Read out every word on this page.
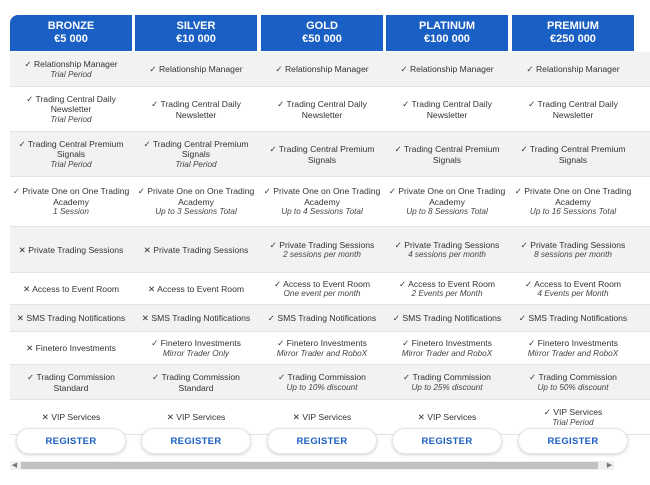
BRONZE
€5 000
✓ Relationship Manager
Trial Period
✓ Trading Central Daily Newsletter
Trial Period
✓ Trading Central Premium Signals
Trial Period
✓ Private One on One Trading Academy
1 Session
✕ Private Trading Sessions
✕ Access to Event Room
✕ SMS Trading Notifications
✕ Finetero Investments
✓ Trading Commission Standard
✕ VIP Services
REGISTER
SILVER
€10 000
✓ Relationship Manager
✓ Trading Central Daily Newsletter
✓ Trading Central Premium Signals
Trial Period
✓ Private One on One Trading Academy
Up to 3 Sessions Total
✕ Private Trading Sessions
✕ Access to Event Room
✕ SMS Trading Notifications
✓ Finetero Investments
Mirror Trader Only
✓ Trading Commission Standard
✕ VIP Services
REGISTER
GOLD
€50 000
✓ Relationship Manager
✓ Trading Central Daily Newsletter
✓ Trading Central Premium Signals
✓ Private One on One Trading Academy
Up to 4 Sessions Total
✓ Private Trading Sessions
2 sessions per month
✓ Access to Event Room
One event per month
✓ SMS Trading Notifications
✓ Finetero Investments
Mirror Trader and RoboX
✓ Trading Commission
Up to 10% discount
✕ VIP Services
REGISTER
PLATINUM
€100 000
✓ Relationship Manager
✓ Trading Central Daily Newsletter
✓ Trading Central Premium Signals
✓ Private One on One Trading Academy
Up to 8 Sessions Total
✓ Private Trading Sessions
4 sessions per month
✓ Access to Event Room
2 Events per Month
✓ SMS Trading Notifications
✓ Finetero Investments
Mirror Trader and RoboX
✓ Trading Commission
Up to 25% discount
✕ VIP Services
REGISTER
PREMIUM
€250 000
✓ Relationship Manager
✓ Trading Central Daily Newsletter
✓ Trading Central Premium Signals
✓ Private One on One Trading Academy
Up to 16 Sessions Total
✓ Private Trading Sessions
8 sessions per month
✓ Access to Event Room
4 Events per Month
✓ SMS Trading Notifications
✓ Finetero Investments
Mirror Trader and RoboX
✓ Trading Commission
Up to 50% discount
✓ VIP Services
Trial Period
REGISTER
◀	▶
